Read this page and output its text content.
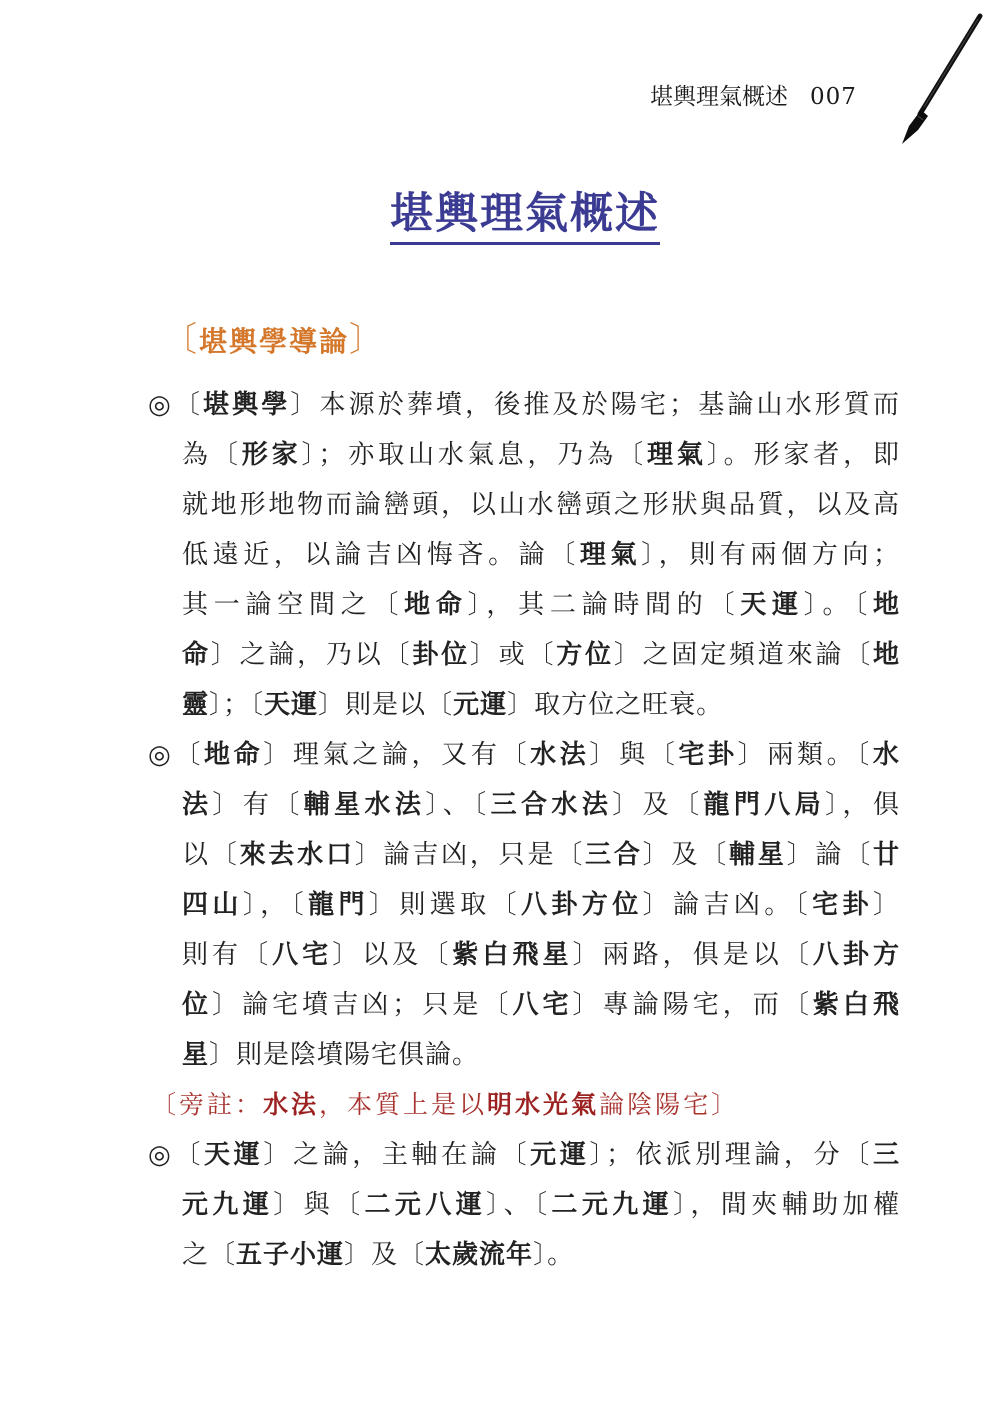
堪輿理氣概述 007
堪輿理氣概述
〔堪輿學導論〕
◎〔堪輿學〕本源於葬墳，後推及於陽宅；基論山水形質而
為〔形家〕；亦取山水氣息，乃為〔理氣〕。形家者，即
就地形地物而論巒頭，以山水巒頭之形狀與品質，以及高
低遠近，以論吉凶悔吝。論〔理氣〕，則有兩個方向；
其一論空間之〔地命〕，其二論時間的〔天運〕。〔地
命〕之論，乃以〔卦位〕或〔方位〕之固定頻道來論〔地
靈〕；〔天運〕則是以〔元運〕取方位之旺衰。
◎〔地命〕理氣之論，又有〔水法〕與〔宅卦〕兩類。〔水
法〕有〔輔星水法〕、〔三合水法〕及〔龍門八局〕，俱
以〔來去水口〕論吉凶，只是〔三合〕及〔輔星〕論〔廿
四山〕，〔龍門〕則選取〔八卦方位〕論吉凶。〔宅卦〕
則有〔八宅〕以及〔紫白飛星〕兩路，俱是以〔八卦方
位〕論宅墳吉凶；只是〔八宅〕專論陽宅，而〔紫白飛
星〕則是陰墳陽宅俱論。
◎〔天運〕之論，主軸在論〔元運〕；依派別理論，分〔三
元九運〕與〔二元八運〕、〔二元九運〕，間夾輔助加權
之〔五子小運〕及〔太歲流年〕。
〔旁註：水法，本質上是以明水光氣論陰陽宅〕
